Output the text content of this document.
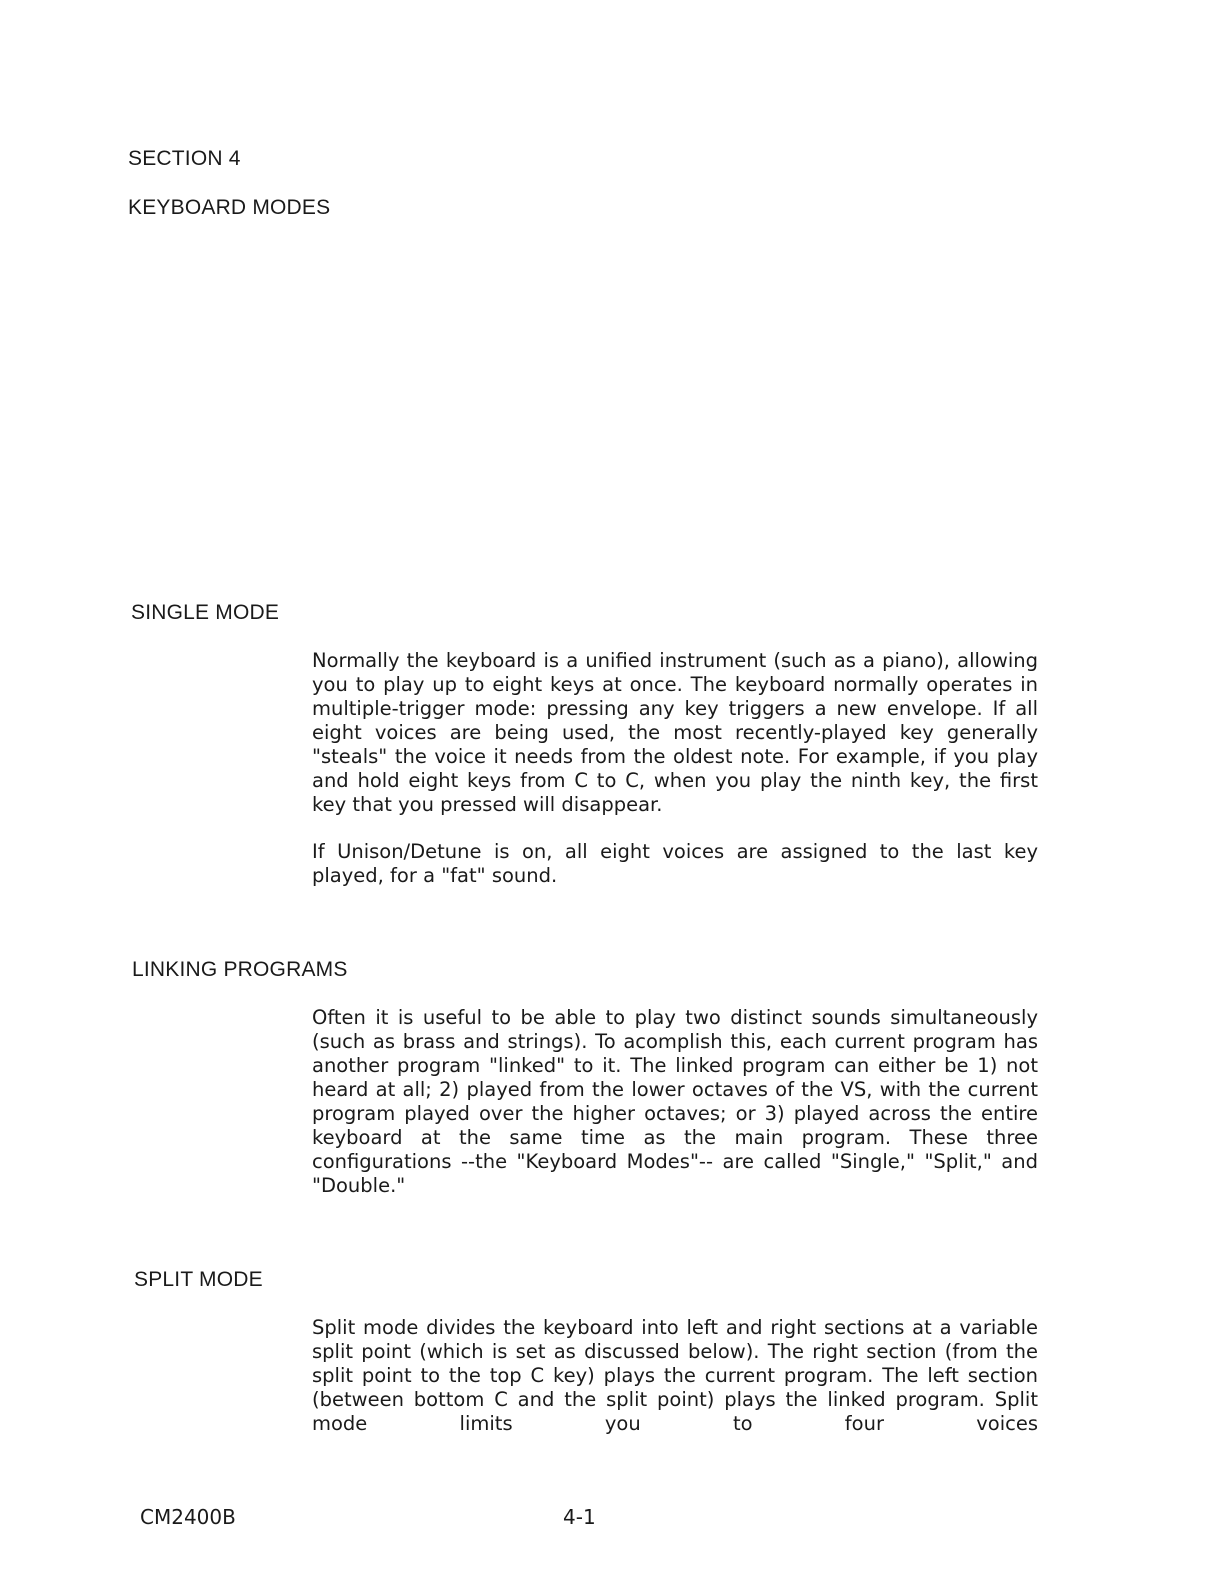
SECTION 4
KEYBOARD MODES
SINGLE MODE

Normally the keyboard is a unified instrument (such as a piano), allowing you to play up to eight keys at once. The keyboard normally operates in multiple-trigger mode: pressing any key triggers a new envelope. If all eight voices are being used, the most recently-played key generally "steals" the voice it needs from the oldest note. For example, if you play and hold eight keys from C to C, when you play the ninth key, the first key that you pressed will disappear.

If Unison/Detune is on, all eight voices are assigned to the last key played, for a "fat" sound.

LINKING PROGRAMS

Often it is useful to be able to play two distinct sounds simultaneously (such as brass and strings). To acomplish this, each current program has another program "linked" to it. The linked program can either be 1) not heard at all; 2) played from the lower octaves of the VS, with the current program played over the higher octaves; or 3) played across the entire keyboard at the same time as the main program. These three configurations --the "Keyboard Modes"-- are called "Single," "Split," and "Double."

SPLIT MODE

Split mode divides the keyboard into left and right sections at a variable split point (which is set as discussed below). The right section (from the split point to the top C key) plays the current program. The left section (between bottom C and the split point) plays the linked program. Split mode limits you to four voices

CM2400B	4-1
